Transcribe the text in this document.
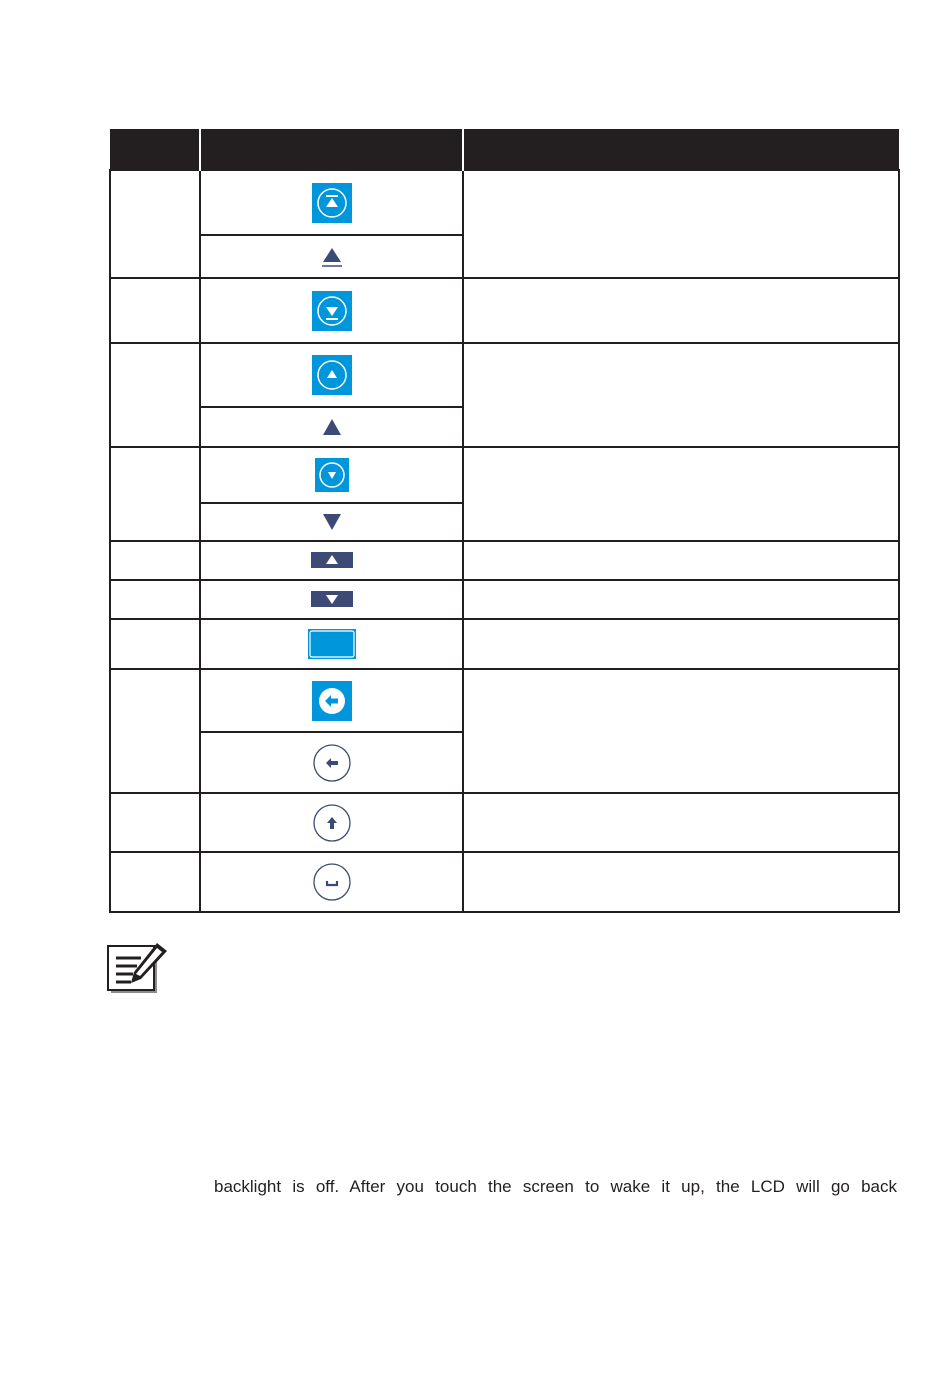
backlight is off. After you touch the screen to wake it up, the LCD will go back
